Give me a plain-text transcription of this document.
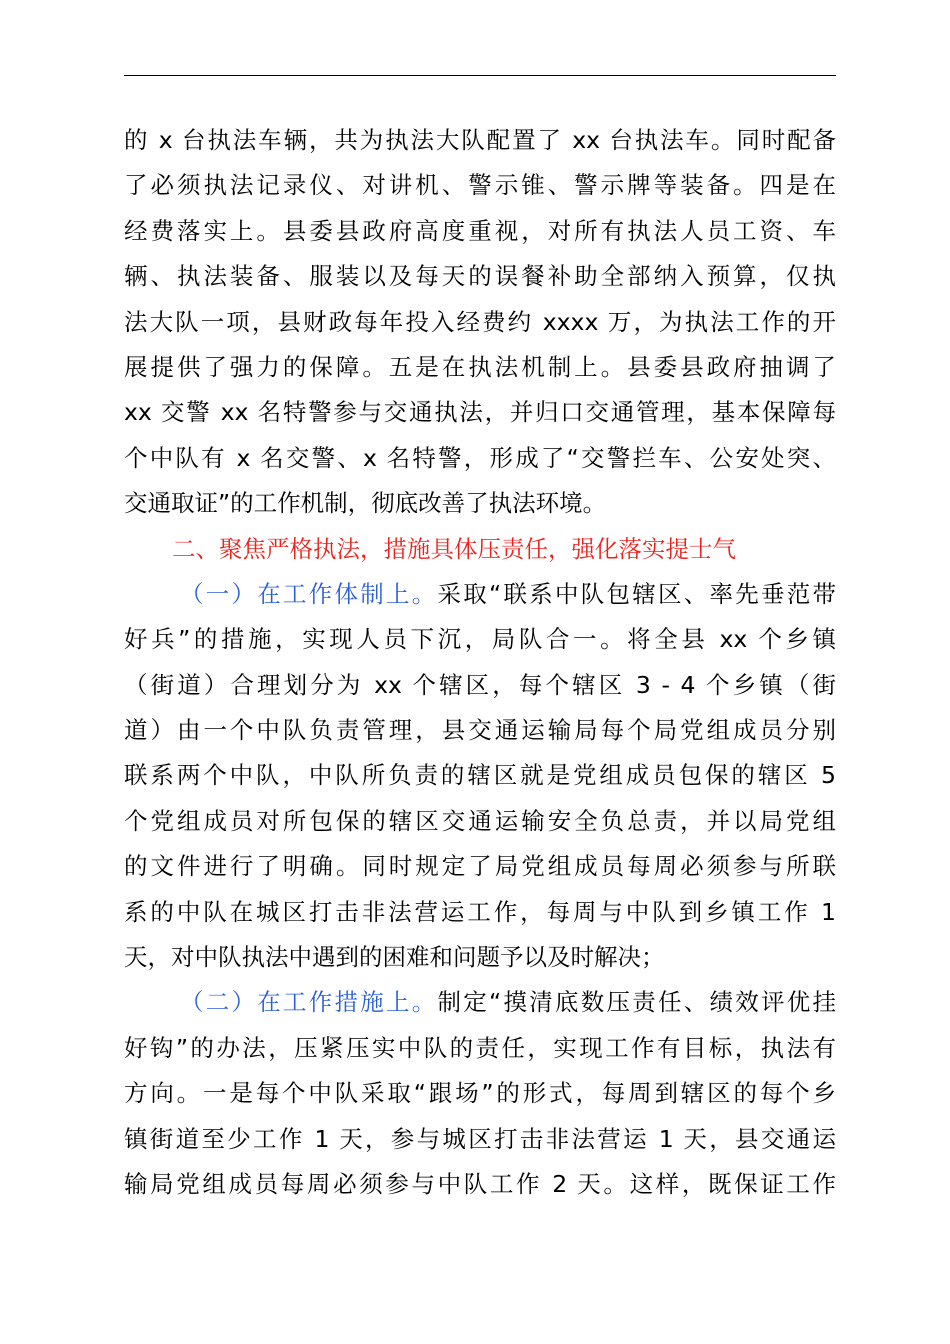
的 x 台执法车辆，共为执法大队配置了 xx 台执法车。同时配备
了必须执法记录仪、对讲机、警示锥、警示牌等装备。四是在
经费落实上。县委县政府高度重视，对所有执法人员工资、车
辆、执法装备、服装以及每天的误餐补助全部纳入预算，仅执
法大队一项，县财政每年投入经费约 xxxx 万，为执法工作的开
展提供了强力的保障。五是在执法机制上。县委县政府抽调了
xx 交警 xx 名特警参与交通执法，并归口交通管理，基本保障每
个中队有 x 名交警、x 名特警，形成了“交警拦车、公安处突、
交通取证”的工作机制，彻底改善了执法环境。
二、聚焦严格执法，措施具体压责任，强化落实提士气
（一）在工作体制上。采取“联系中队包辖区、率先垂范带
好兵”的措施，实现人员下沉，局队合一。将全县 xx 个乡镇
（街道）合理划分为 xx 个辖区，每个辖区 3 - 4 个乡镇（街
道）由一个中队负责管理，县交通运输局每个局党组成员分别
联系两个中队，中队所负责的辖区就是党组成员包保的辖区 5
个党组成员对所包保的辖区交通运输安全负总责，并以局党组
的文件进行了明确。同时规定了局党组成员每周必须参与所联
系的中队在城区打击非法营运工作，每周与中队到乡镇工作 1
天，对中队执法中遇到的困难和问题予以及时解决；
（二）在工作措施上。制定“摸清底数压责任、绩效评优挂
好钩”的办法，压紧压实中队的责任，实现工作有目标，执法有
方向。一是每个中队采取“跟场”的形式，每周到辖区的每个乡
镇街道至少工作 1 天，参与城区打击非法营运 1 天，县交通运
输局党组成员每周必须参与中队工作 2 天。这样，既保证工作
